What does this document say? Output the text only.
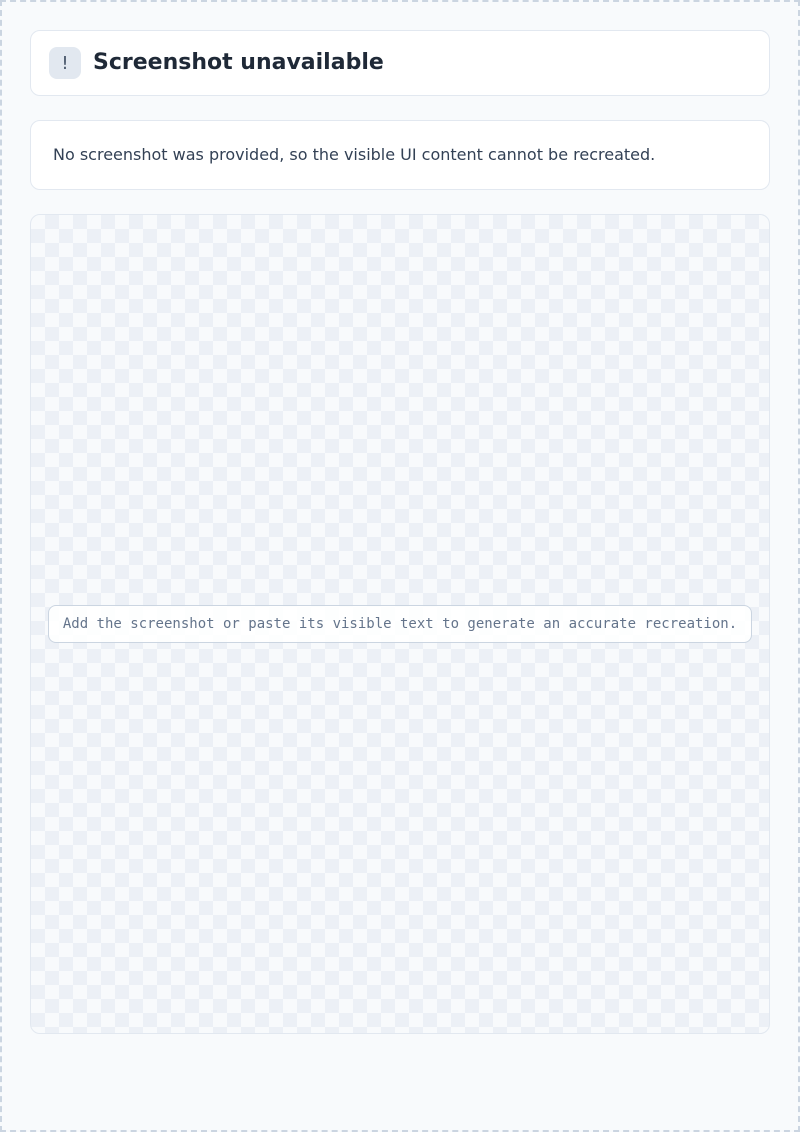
!	Screenshot unavailable

No screenshot was provided, so the visible UI content cannot be recreated.

Add the screenshot or paste its visible text to generate an accurate recreation.
